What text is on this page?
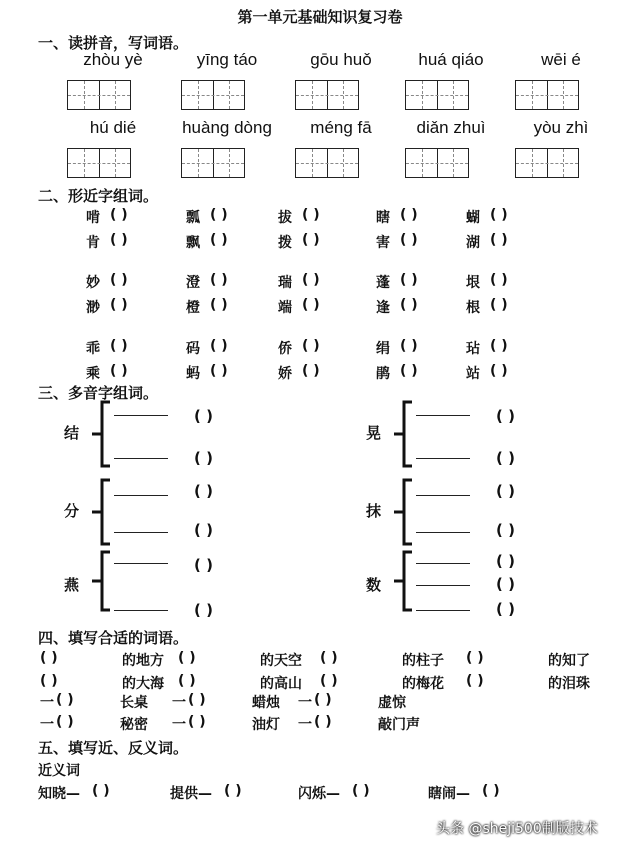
第一单元基础知识复习卷
一、读拼音，写词语。
zhòu yè	yīng táo	gōu huǒ	huá qiáo	wēi é
hú dié	huàng dòng	méng fā	diǎn zhuì	yòu zhì
二、形近字组词。
啃 ( )	瓢 ( )	拔 ( )	瞎 ( )	蝴 ( )
肯 ( )	飘 ( )	拨 ( )	害 ( )	湖 ( )
妙 ( )	澄 ( )	瑞 ( )	蓬 ( )	垠 ( )
渺 ( )	橙 ( )	端 ( )	逢 ( )	根 ( )
乖 ( )	码 ( )	侨 ( )	绢 ( )	玷 ( )
乘 ( )	蚂 ( )	娇 ( )	鹃 ( )	站 ( )
三、多音字组词。
结
( )
( )
分
( )
( )
燕
( )
( )
晃
( )
( )
抹
( )
( )
数
( )
( )
( )
四、填写合适的词语。
( )	的地方 ( )	的天空 ( )	的柱子 ( )	的知了
( )	的大海 ( )	的高山 ( )	的梅花 ( )	的泪珠
一 ( )	长桌 一 ( )	蜡烛 一 ( )	虚惊
一 ( )	秘密 一 ( )	油灯 一 ( )	敲门声
五、填写近、反义词。
近义词
知晓— ( )	提供— ( )	闪烁— ( )	瞎闹— ( )
头条 @sheji500制版技术
